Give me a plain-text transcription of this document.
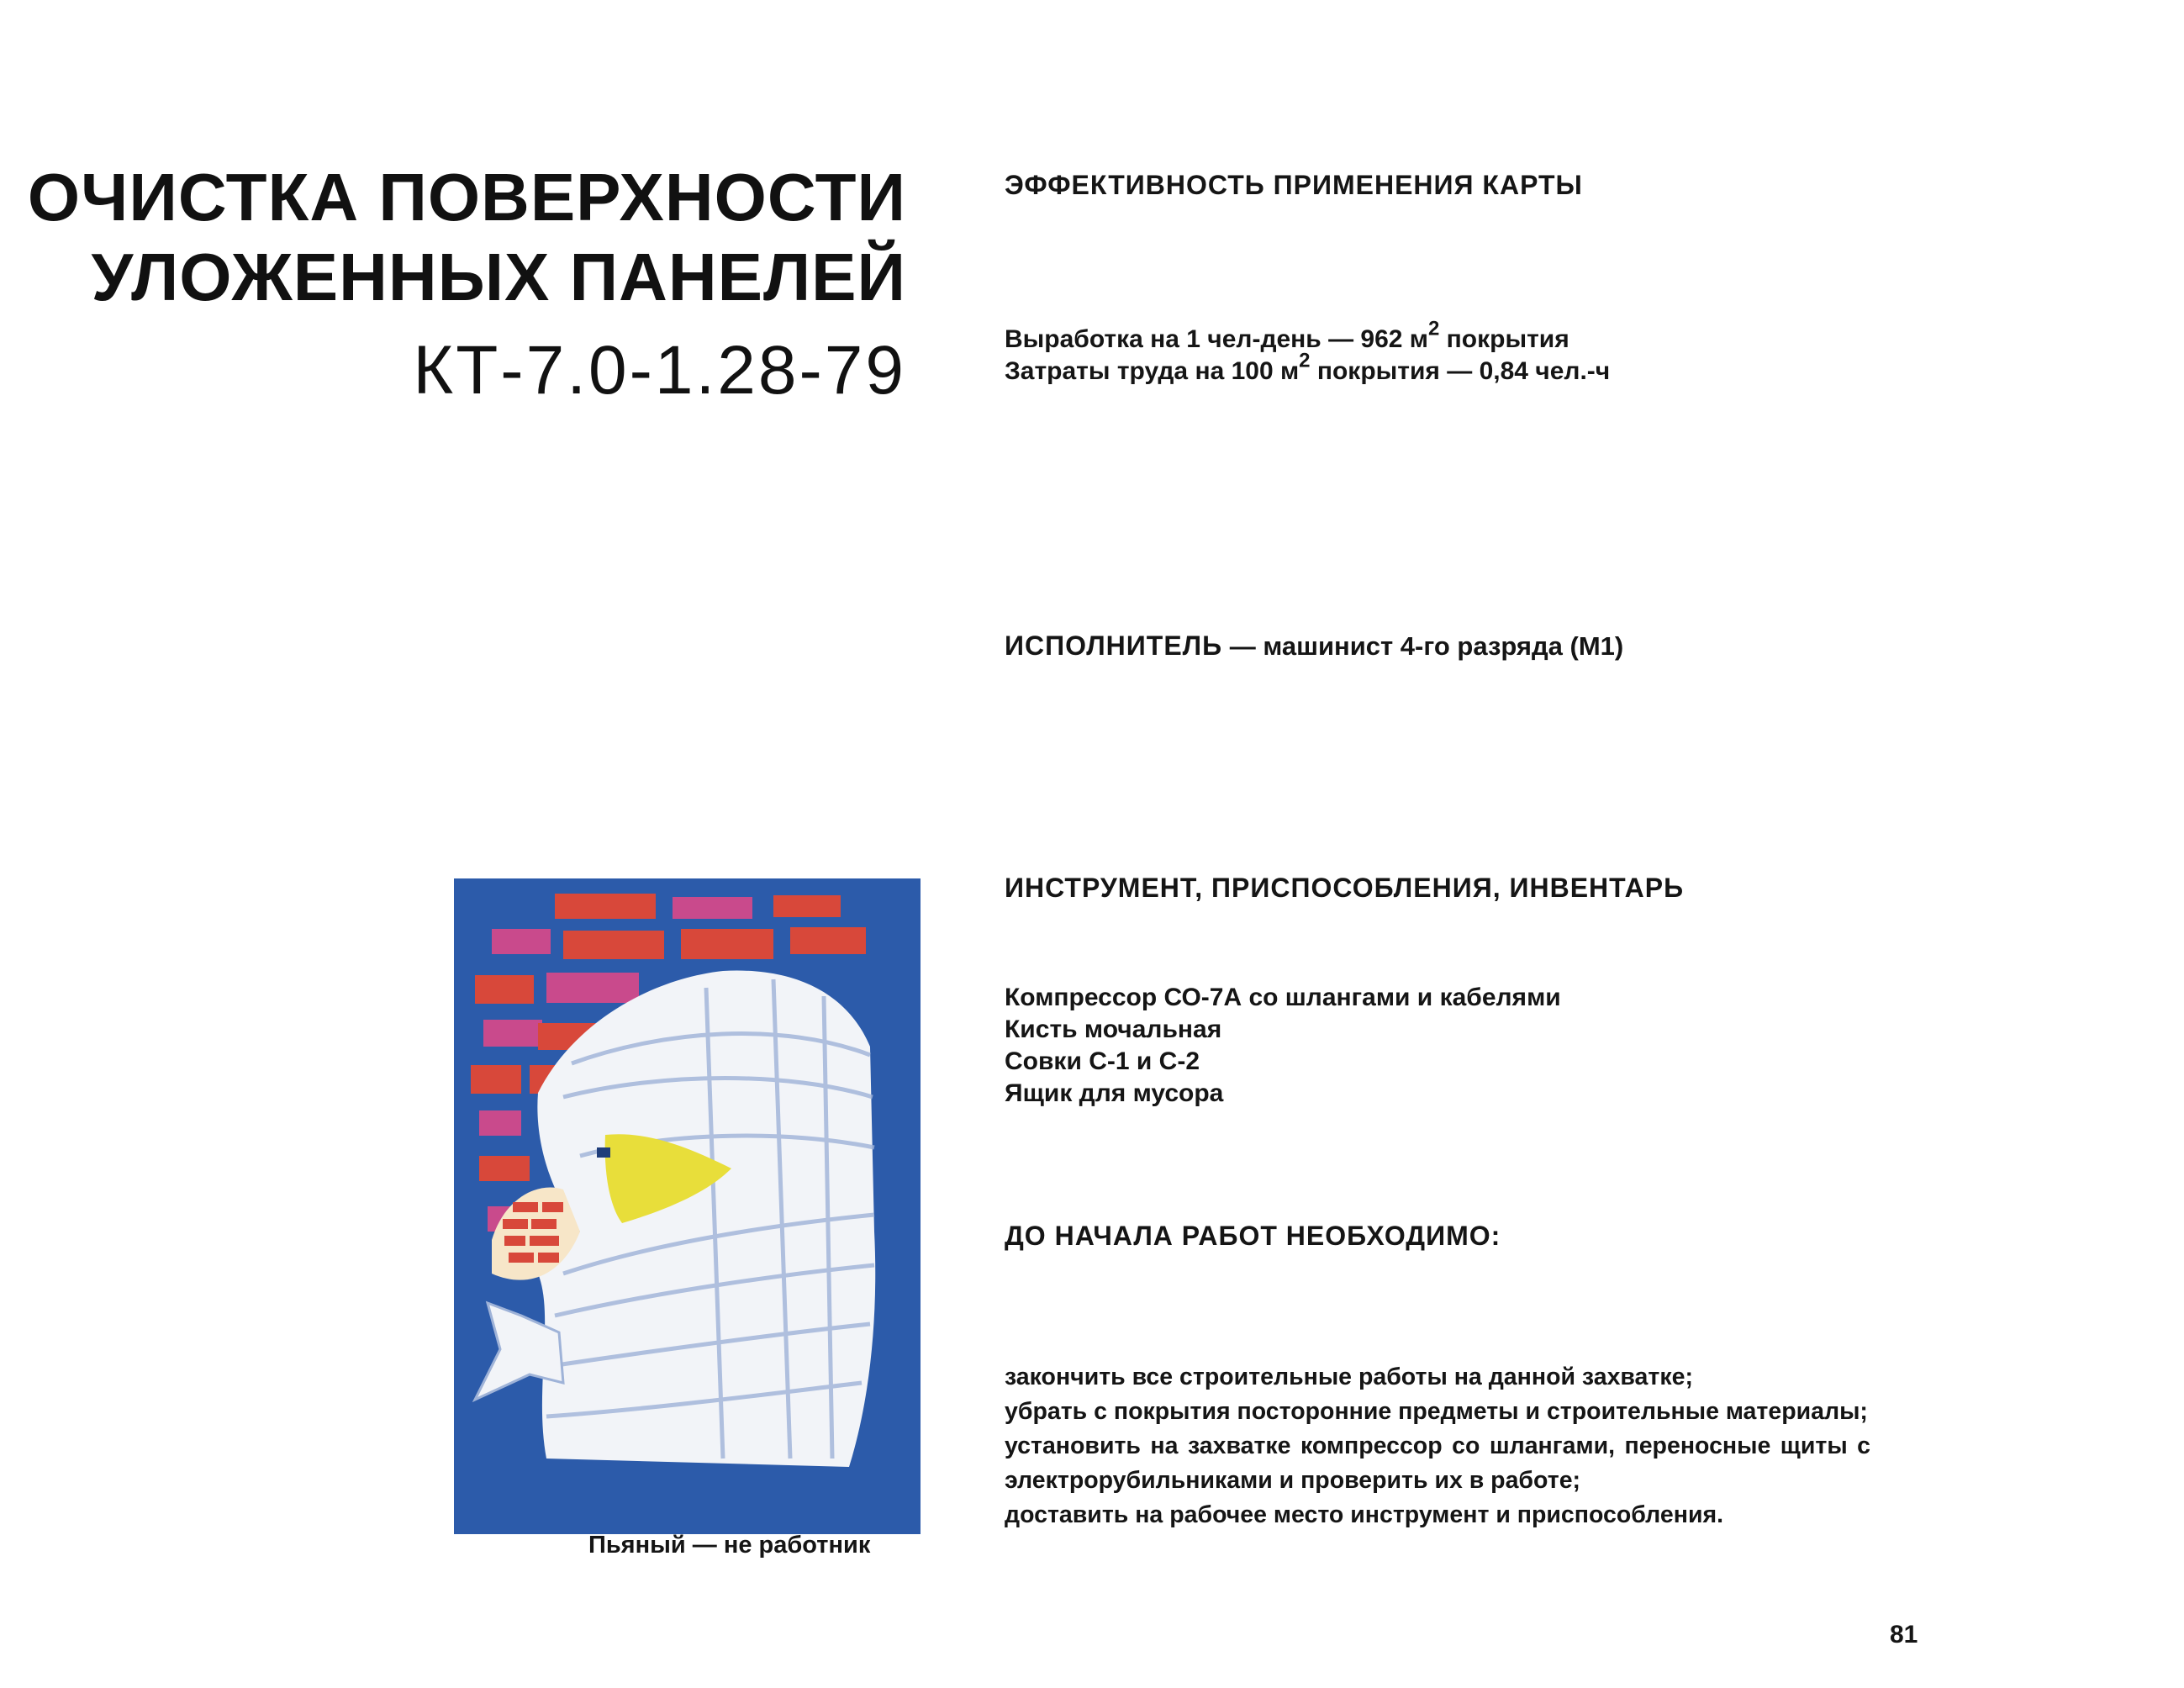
ОЧИСТКА ПОВЕРХНОСТИ
УЛОЖЕННЫХ ПАНЕЛЕЙ
КТ-7.0-1.28-79
ЭФФЕКТИВНОСТЬ ПРИМЕНЕНИЯ КАРТЫ
Выработка на 1 чел-день — 962 $м^2$ покрытия
Затраты труда на 100 $м^2$ покрытия — 0,84 чел.-ч
ИСПОЛНИТЕЛЬ — машинист 4-го разряда (М1)
ИНСТРУМЕНТ, ПРИСПОСОБЛЕНИЯ, ИНВЕНТАРЬ
Компрессор СО-7А со шлангами и кабелями
Кисть мочальная
Совки С-1 и С-2
Ящик для мусора
ДО НАЧАЛА РАБОТ НЕОБХОДИМО:
закончить все строительные работы на данной захватке;
убрать с покрытия посторонние предметы и строительные материалы;
установить на захватке компрессор со шлангами, переносные щиты с электрорубильниками и проверить их в работе;
доставить на рабочее место инструмент и приспособления.
Пьяный — не работник
81
